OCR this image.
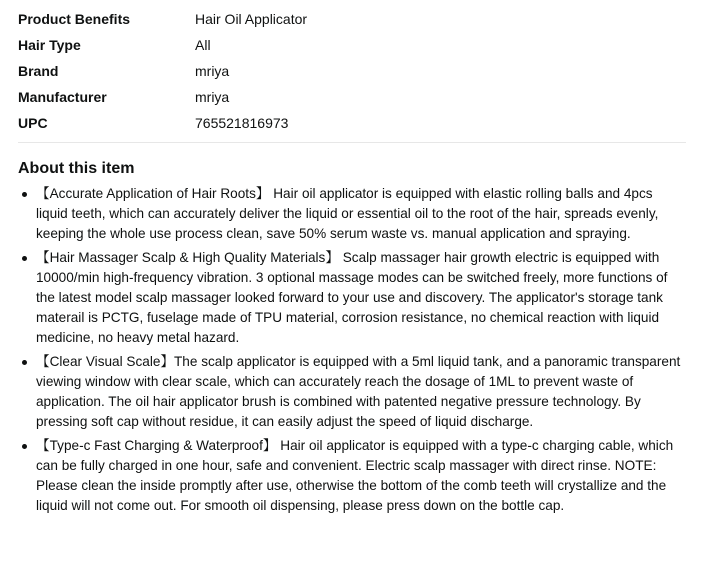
Product Benefits	Hair Oil Applicator
Hair Type	All
Brand	mriya
Manufacturer	mriya
UPC	765521816973
About this item
【Accurate Application of Hair Roots】 Hair oil applicator is equipped with elastic rolling balls and 4pcs liquid teeth, which can accurately deliver the liquid or essential oil to the root of the hair, spreads evenly, keeping the whole use process clean, save 50% serum waste vs. manual application and spraying.
【Hair Massager Scalp & High Quality Materials】 Scalp massager hair growth electric is equipped with 10000/min high-frequency vibration. 3 optional massage modes can be switched freely, more functions of the latest model scalp massager looked forward to your use and discovery. The applicator's storage tank materail is PCTG, fuselage made of TPU material, corrosion resistance, no chemical reaction with liquid medicine, no heavy metal hazard.
【Clear Visual Scale】The scalp applicator is equipped with a 5ml liquid tank, and a panoramic transparent viewing window with clear scale, which can accurately reach the dosage of 1ML to prevent waste of application. The oil hair applicator brush is combined with patented negative pressure technology. By pressing soft cap without residue, it can easily adjust the speed of liquid discharge.
【Type-c Fast Charging & Waterproof】 Hair oil applicator is equipped with a type-c charging cable, which can be fully charged in one hour, safe and convenient. Electric scalp massager with direct rinse. NOTE: Please clean the inside promptly after use, otherwise the bottom of the comb teeth will crystallize and the liquid will not come out. For smooth oil dispensing, please press down on the bottle cap.
